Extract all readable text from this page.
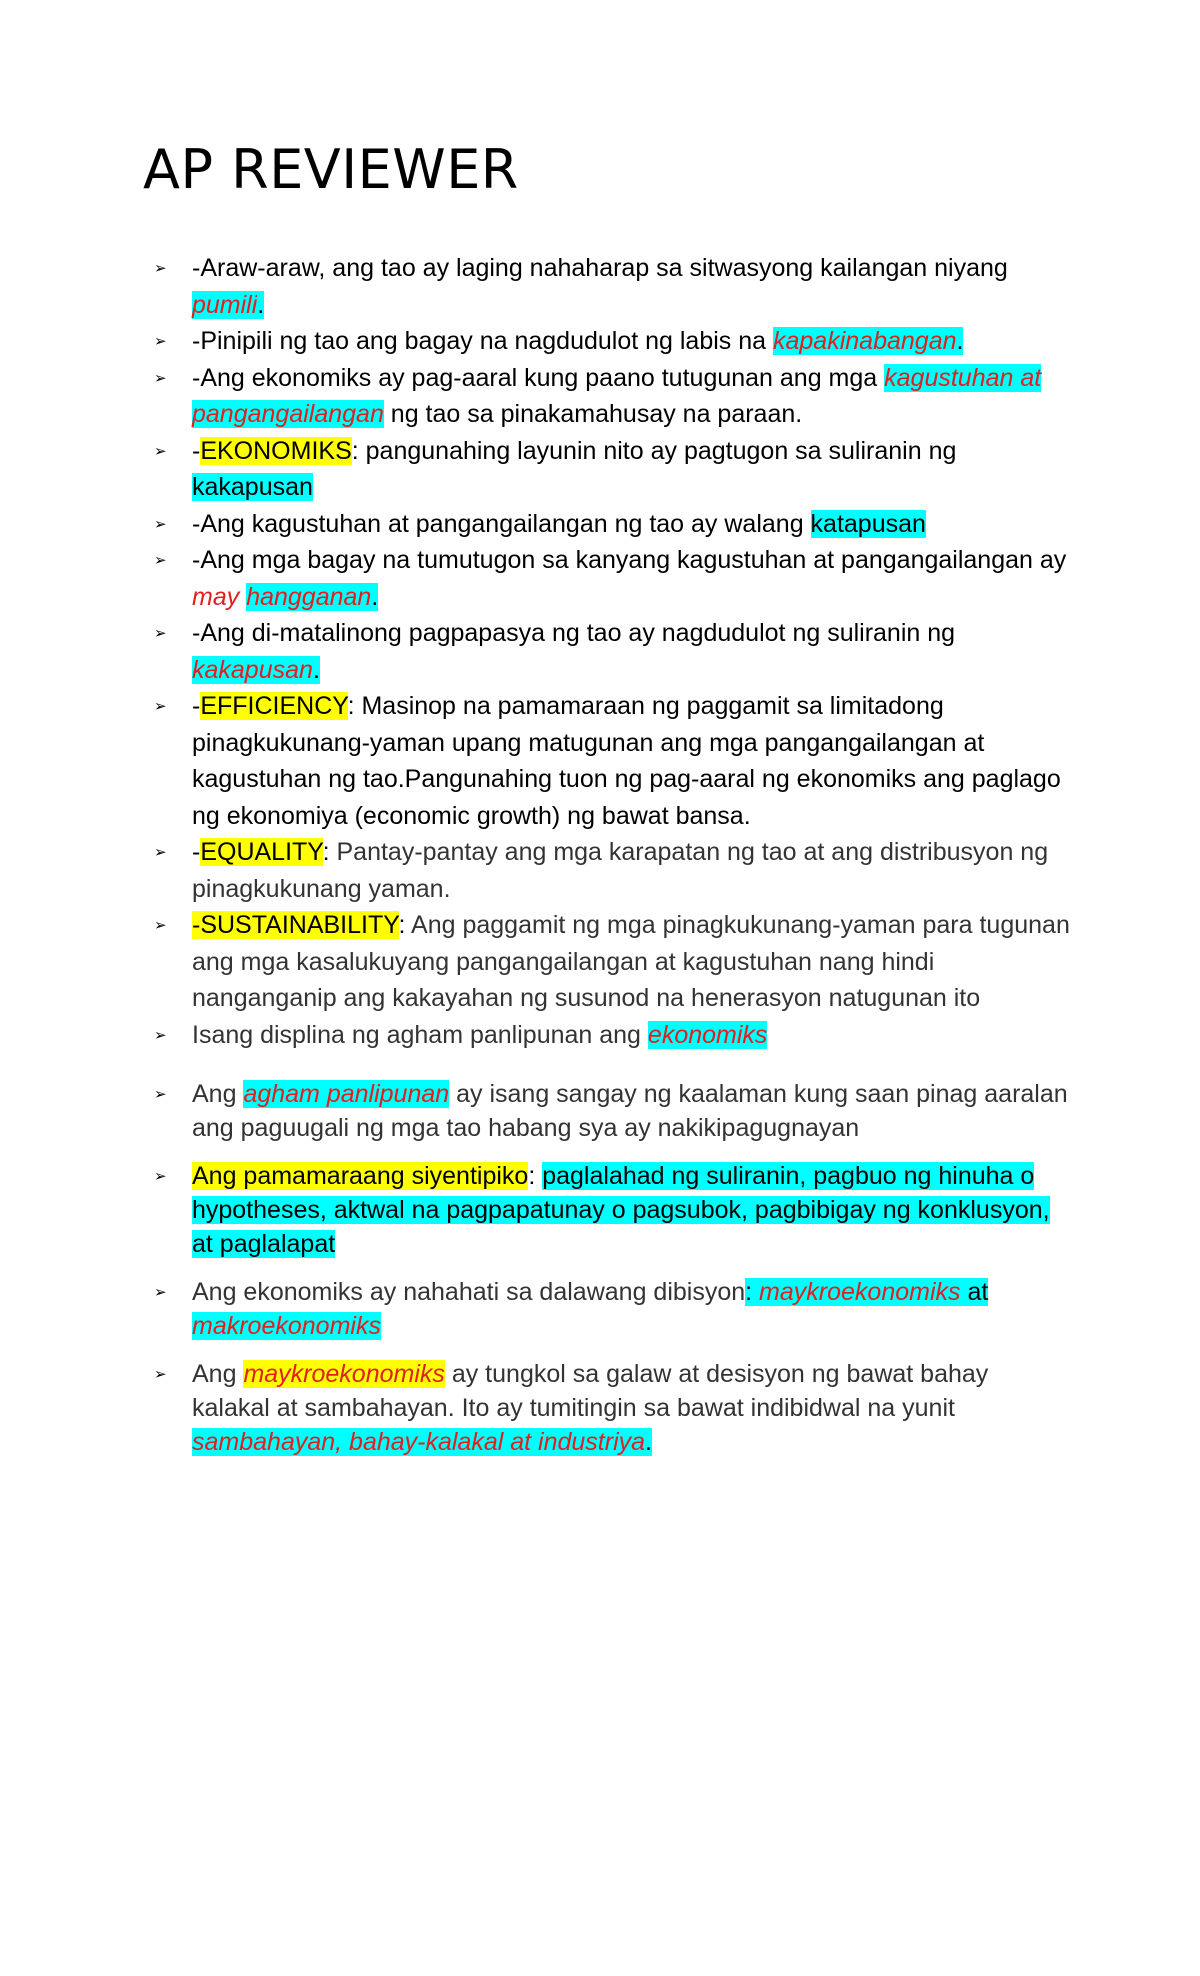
AP REVIEWER
➢ -Araw-araw, ang tao ay laging nahaharap sa sitwasyong kailangan niyang pumili.
➢ -Pinipili ng tao ang bagay na nagdudulot ng labis na kapakinabangan.
➢ -Ang ekonomiks ay pag-aaral kung paano tutugunan ang mga kagustuhan at pangangailangan ng tao sa pinakamahusay na paraan.
➢ -EKONOMIKS: pangunahing layunin nito ay pagtugon sa suliranin ng kakapusan
➢ -Ang kagustuhan at pangangailangan ng tao ay walang katapusan
➢ -Ang mga bagay na tumutugon sa kanyang kagustuhan at pangangailangan ay may hangganan.
➢ -Ang di-matalinong pagpapasya ng tao ay nagdudulot ng suliranin ng kakapusan.
➢ -EFFICIENCY: Masinop na pamamaraan ng paggamit sa limitadong pinagkukunang-yaman upang matugunan ang mga pangangailangan at kagustuhan ng tao.Pangunahing tuon ng pag-aaral ng ekonomiks ang paglago ng ekonomiya (economic growth) ng bawat bansa.
➢ -EQUALITY: Pantay-pantay ang mga karapatan ng tao at ang distribusyon ng pinagkukunang yaman.
➢ -SUSTAINABILITY: Ang paggamit ng mga pinagkukunang-yaman para tugunan ang mga kasalukuyang pangangailangan at kagustuhan nang hindi nanganganip ang kakayahan ng susunod na henerasyon natugunan ito
➢ Isang displina ng agham panlipunan ang ekonomiks
➢ Ang agham panlipunan ay isang sangay ng kaalaman kung saan pinag aaralan ang paguugali ng mga tao habang sya ay nakikipagugnayan
➢ Ang pamamaraang siyentipiko: paglalahad ng suliranin, pagbuo ng hinuha o hypotheses, aktwal na pagpapatunay o pagsubok, pagbibigay ng konklusyon, at paglalapat
➢ Ang ekonomiks ay nahahati sa dalawang dibisyon: maykroekonomiks at makroekonomiks
➢ Ang maykroekonomiks ay tungkol sa galaw at desisyon ng bawat bahay kalakal at sambahayan. Ito ay tumitingin sa bawat indibidwal na yunit sambahayan, bahay-kalakal at industriya.
